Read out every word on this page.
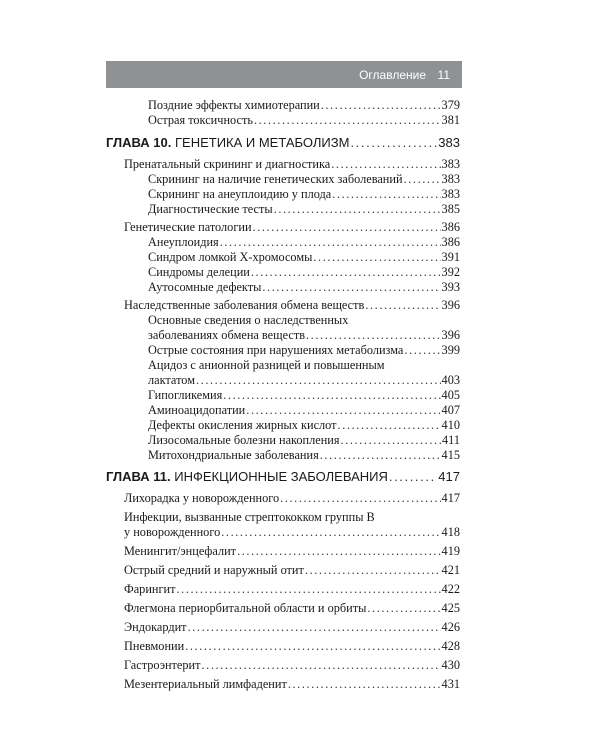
Оглавление 11
Поздние эффекты химиотерапии .....	379
Острая токсичность .....	381
ГЛАВА 10. ГЕНЕТИКА И МЕТАБОЛИЗМ .....	383
Пренатальный скрининг и диагностика .....	383
Скрининг на наличие генетических заболеваний .....	383
Скрининг на анеуплоидию у плода .....	383
Диагностические тесты .....	385
Генетические патологии .....	386
Анеуплоидия .....	386
Синдром ломкой X-хромосомы .....	391
Синдромы делеции .....	392
Аутосомные дефекты .....	393
Наследственные заболевания обмена веществ .....	396
Основные сведения о наследственных
заболеваниях обмена веществ .....	396
Острые состояния при нарушениях метаболизма .....	399
Ацидоз с анионной разницей и повышенным
лактатом .....	403
Гипогликемия .....	405
Аминоацидопатии .....	407
Дефекты окисления жирных кислот .....	410
Лизосомальные болезни накопления .....	411
Митохондриальные заболевания .....	415
ГЛАВА 11. ИНФЕКЦИОННЫЕ ЗАБОЛЕВАНИЯ .....	417
Лихорадка у новорожденного .....	417
Инфекции, вызванные стрептококком группы В
у новорожденного .....	418
Менингит/энцефалит .....	419
Острый средний и наружный отит .....	421
Фарингит .....	422
Флегмона периорбитальной области и орбиты .....	425
Эндокардит .....	426
Пневмонии .....	428
Гастроэнтерит .....	430
Мезентериальный лимфаденит .....	431
